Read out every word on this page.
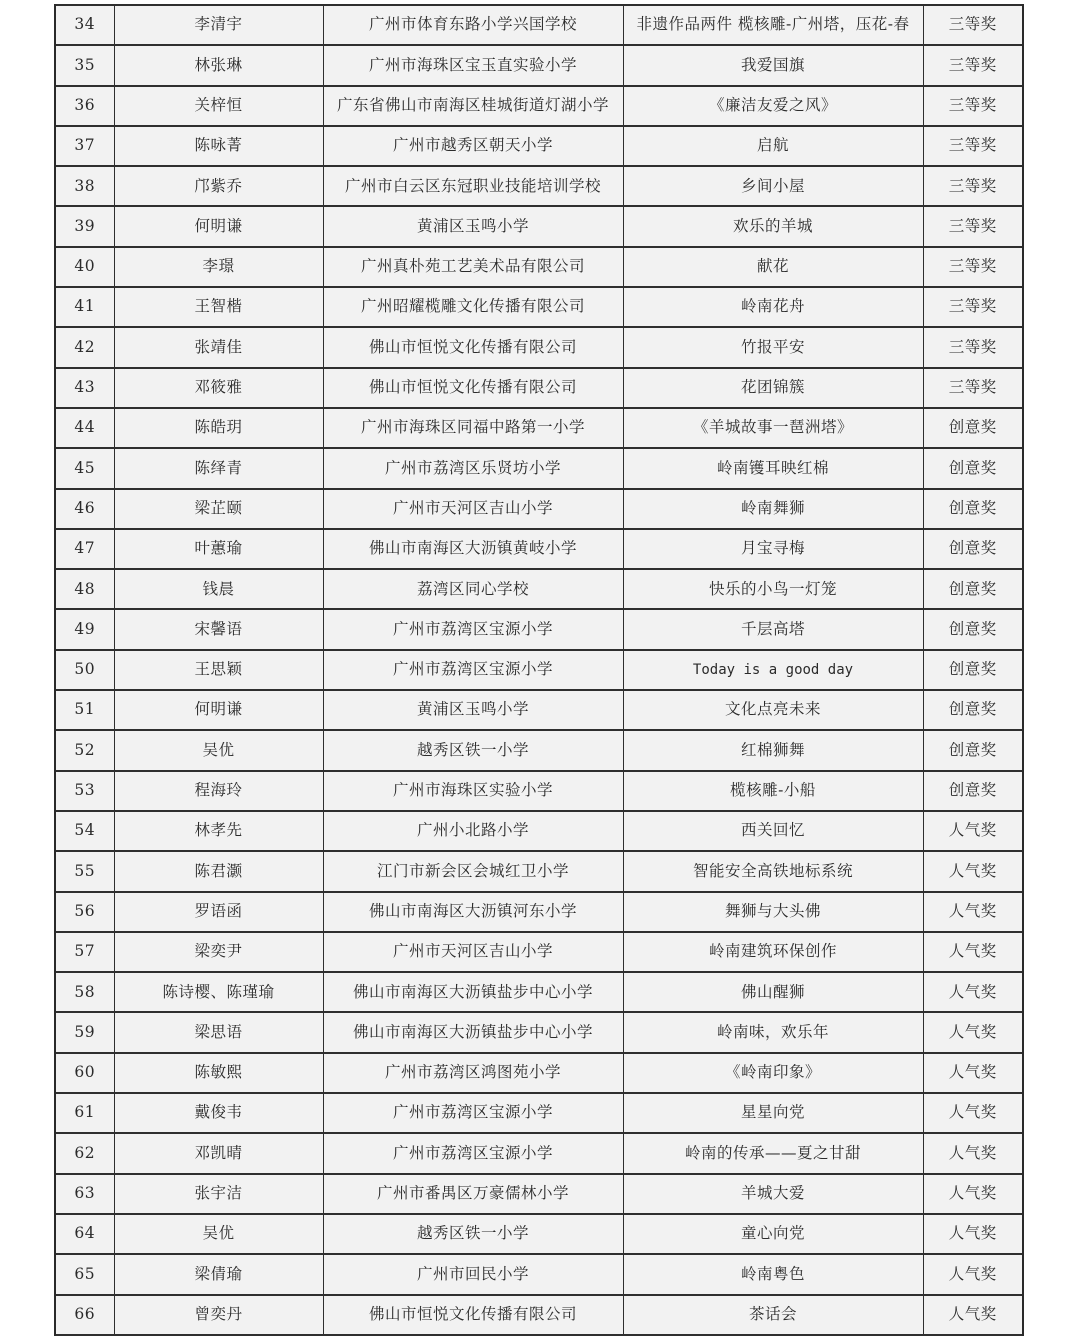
34	李清宇	广州市体育东路小学兴国学校	非遗作品两件 榄核雕-广州塔，压花-春	三等奖
35	林张琳	广州市海珠区宝玉直实验小学	我爱国旗	三等奖
36	关梓恒	广东省佛山市南海区桂城街道灯湖小学	《廉洁友爱之风》	三等奖
37	陈咏菁	广州市越秀区朝天小学	启航	三等奖
38	邝紫乔	广州市白云区东冠职业技能培训学校	乡间小屋	三等奖
39	何明谦	黄浦区玉鸣小学	欢乐的羊城	三等奖
40	李璟	广州真朴苑工艺美术品有限公司	献花	三等奖
41	王智楷	广州昭耀榄雕文化传播有限公司	岭南花舟	三等奖
42	张靖佳	佛山市恒悦文化传播有限公司	竹报平安	三等奖
43	邓筱雅	佛山市恒悦文化传播有限公司	花团锦簇	三等奖
44	陈皓玥	广州市海珠区同福中路第一小学	《羊城故事一琶洲塔》	创意奖
45	陈绎青	广州市荔湾区乐贤坊小学	岭南镬耳映红棉	创意奖
46	梁芷颐	广州市天河区吉山小学	岭南舞狮	创意奖
47	叶蕙瑜	佛山市南海区大沥镇黄岐小学	月宝寻梅	创意奖
48	钱晨	荔湾区同心学校	快乐的小鸟一灯笼	创意奖
49	宋馨语	广州市荔湾区宝源小学	千层高塔	创意奖
50	王思颖	广州市荔湾区宝源小学	Today is a good day	创意奖
51	何明谦	黄浦区玉鸣小学	文化点亮未来	创意奖
52	吴优	越秀区铁一小学	红棉狮舞	创意奖
53	程海玲	广州市海珠区实验小学	榄核雕-小船	创意奖
54	林孝先	广州小北路小学	西关回忆	人气奖
55	陈君灏	江门市新会区会城红卫小学	智能安全高铁地标系统	人气奖
56	罗语函	佛山市南海区大沥镇河东小学	舞狮与大头佛	人气奖
57	梁奕尹	广州市天河区吉山小学	岭南建筑环保创作	人气奖
58	陈诗樱、陈瑾瑜	佛山市南海区大沥镇盐步中心小学	佛山醒狮	人气奖
59	梁思语	佛山市南海区大沥镇盐步中心小学	岭南味，欢乐年	人气奖
60	陈敏熙	广州市荔湾区鸿图苑小学	《岭南印象》	人气奖
61	戴俊韦	广州市荔湾区宝源小学	星星向党	人气奖
62	邓凯晴	广州市荔湾区宝源小学	岭南的传承——夏之甘甜	人气奖
63	张宇洁	广州市番禺区万豪儒林小学	羊城大爱	人气奖
64	吴优	越秀区铁一小学	童心向党	人气奖
65	梁倩瑜	广州市回民小学	岭南粤色	人气奖
66	曾奕丹	佛山市恒悦文化传播有限公司	茶话会	人气奖
